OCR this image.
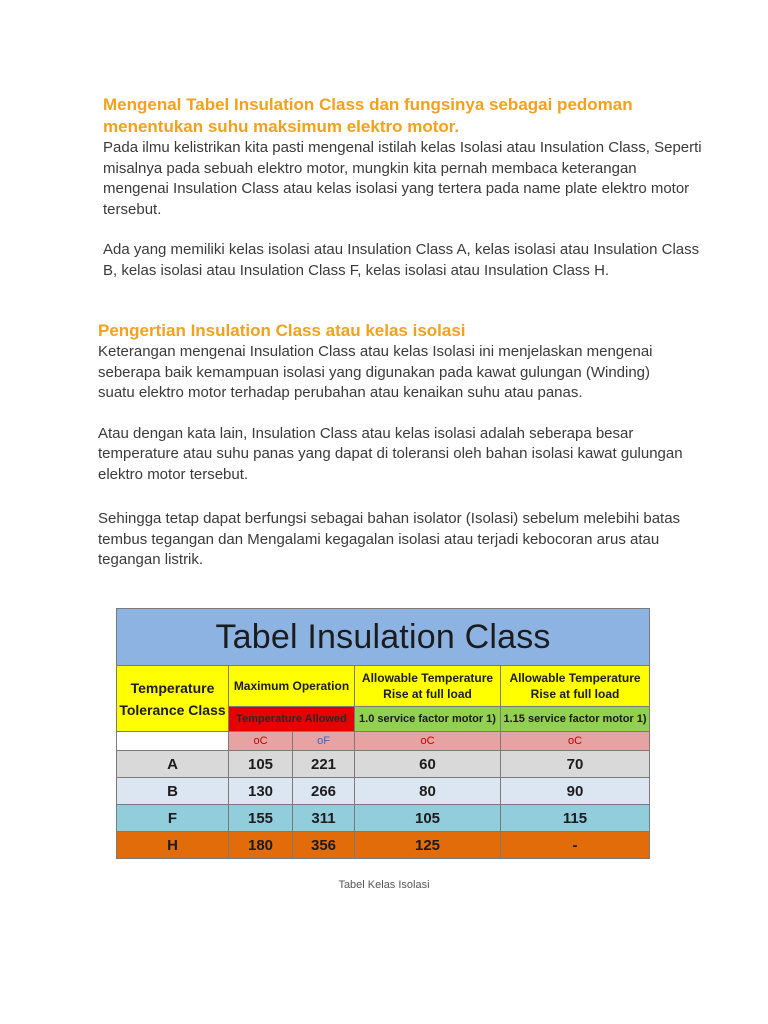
Mengenal Tabel Insulation Class dan fungsinya sebagai pedoman menentukan suhu maksimum elektro motor.

Pada ilmu kelistrikan kita pasti mengenal istilah kelas Isolasi atau Insulation Class, Seperti misalnya pada sebuah elektro motor, mungkin kita pernah membaca keterangan mengenai Insulation Class atau kelas isolasi yang tertera pada name plate elektro motor tersebut.

Ada yang memiliki kelas isolasi atau Insulation Class A, kelas isolasi atau Insulation Class B, kelas isolasi atau Insulation Class F, kelas isolasi atau Insulation Class H.

Pengertian Insulation Class atau kelas isolasi

Keterangan mengenai Insulation Class atau kelas Isolasi ini menjelaskan mengenai seberapa baik kemampuan isolasi yang digunakan pada kawat gulungan (Winding) suatu elektro motor terhadap perubahan atau kenaikan suhu atau panas.

Atau dengan kata lain, Insulation Class atau kelas isolasi adalah seberapa besar temperature atau suhu panas yang dapat di toleransi oleh bahan isolasi kawat gulungan elektro motor tersebut.

Sehingga tetap dapat berfungsi sebagai bahan isolator (Isolasi) sebelum melebihi batas tembus tegangan dan Mengalami kegagalan isolasi atau terjadi kebocoran arus atau tegangan listrik.

Tabel Insulation Class				
Temperature Tolerance Class	Maximum Operation		Allowable Temperature Rise at full load	Allowable Temperature Rise at full load
	Temperature Allowed		1.0 service factor motor 1)	1.15 service factor motor 1)
	oC	oF	oC	oC
A	105	221	60	70
B	130	266	80	90
F	155	311	105	115
H	180	356	125	-
Tabel Kelas Isolasi
